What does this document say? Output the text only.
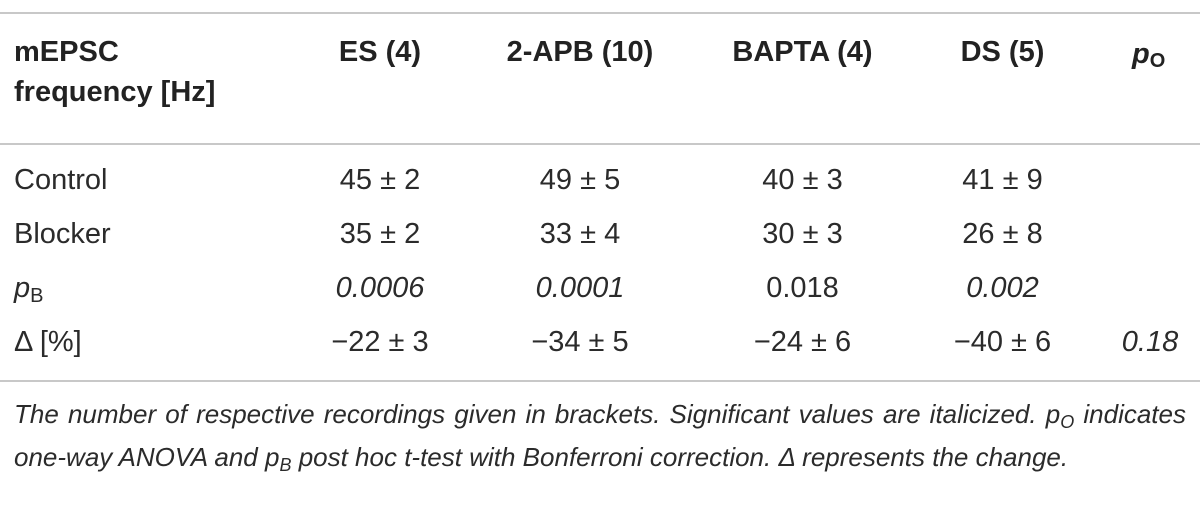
mEPSC
frequency [Hz]
ES (4)	2-APB (10)	BAPTA (4)	DS (5)	pO
Control	45 ± 2	49 ± 5	40 ± 3	41 ± 9
Blocker	35 ± 2	33 ± 4	30 ± 3	26 ± 8
pB	0.0006	0.0001	0.018	0.002
Δ [%]	−22 ± 3	−34 ± 5	−24 ± 6	−40 ± 6	0.18
The number of respective recordings given in brackets. Significant values are italicized. pO indicates one-way ANOVA and pB post hoc t-test with Bonferroni correction. Δ represents the change.
